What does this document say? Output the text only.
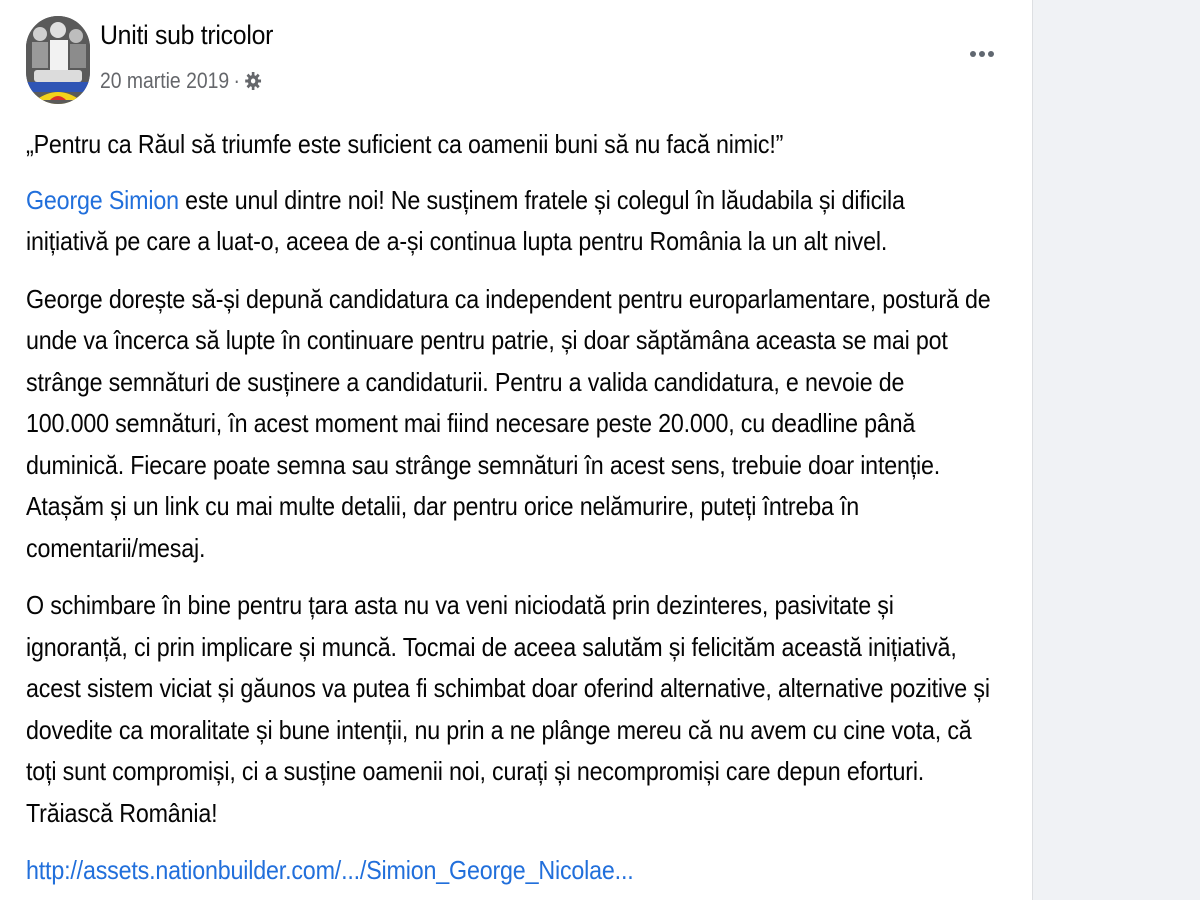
Uniti sub tricolor
20 martie 2019 ·

„Pentru ca Răul să triumfe este suficient ca oamenii buni să nu facă nimic!”

George Simion este unul dintre noi! Ne susținem fratele și colegul în lăudabila și dificila inițiativă pe care a luat-o, aceea de a-și continua lupta pentru România la un alt nivel.

George dorește să-și depună candidatura ca independent pentru europarlamentare, postură de unde va încerca să lupte în continuare pentru patrie, și doar săptămâna aceasta se mai pot strânge semnături de susținere a candidaturii. Pentru a valida candidatura, e nevoie de 100.000 semnături, în acest moment mai fiind necesare peste 20.000, cu deadline până duminică. Fiecare poate semna sau strânge semnături în acest sens, trebuie doar intenție. Atașăm și un link cu mai multe detalii, dar pentru orice nelămurire, puteți întreba în comentarii/mesaj.

O schimbare în bine pentru țara asta nu va veni niciodată prin dezinteres, pasivitate și ignoranță, ci prin implicare și muncă. Tocmai de aceea salutăm și felicităm această inițiativă, acest sistem viciat și găunos va putea fi schimbat doar oferind alternative, alternative pozitive și dovedite ca moralitate și bune intenții, nu prin a ne plânge mereu că nu avem cu cine vota, că toți sunt compromiși, ci a susține oamenii noi, curați și necompromiși care depun eforturi. Trăiască România!

http://assets.nationbuilder.com/.../Simion_George_Nicolae...
